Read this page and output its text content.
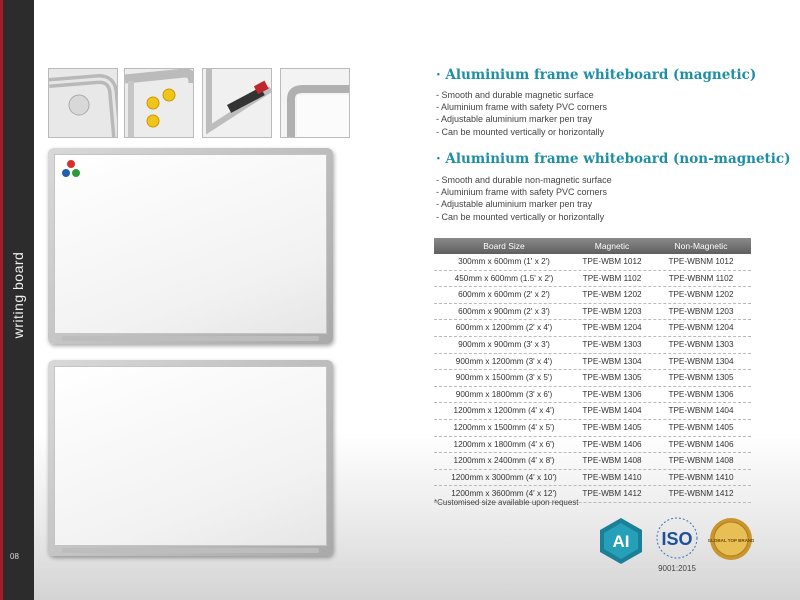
writing board
08
· Aluminium frame whiteboard (magnetic)
- Smooth and durable magnetic surface
- Aluminium frame with safety PVC corners
- Adjustable aluminium marker pen tray
- Can be mounted vertically or horizontally
· Aluminium frame whiteboard (non-magnetic)
- Smooth and durable non-magnetic surface
- Aluminium frame with safety PVC corners
- Adjustable aluminium marker pen tray
- Can be mounted vertically or horizontally
Board Size	Magnetic	Non-Magnetic
300mm x 600mm (1' x 2')	TPE-WBM 1012	TPE-WBNM 1012
450mm x 600mm (1.5' x 2')	TPE-WBM 1102	TPE-WBNM 1102
600mm x 600mm (2' x 2')	TPE-WBM 1202	TPE-WBNM 1202
600mm x 900mm (2' x 3')	TPE-WBM 1203	TPE-WBNM 1203
600mm x 1200mm (2' x 4')	TPE-WBM 1204	TPE-WBNM 1204
900mm x 900mm (3' x 3')	TPE-WBM 1303	TPE-WBNM 1303
900mm x 1200mm (3' x 4')	TPE-WBM 1304	TPE-WBNM 1304
900mm x 1500mm (3' x 5')	TPE-WBM 1305	TPE-WBNM 1305
900mm x 1800mm (3' x 6')	TPE-WBM 1306	TPE-WBNM 1306
1200mm x 1200mm (4' x 4')	TPE-WBM 1404	TPE-WBNM 1404
1200mm x 1500mm (4' x 5')	TPE-WBM 1405	TPE-WBNM 1405
1200mm x 1800mm (4' x 6')	TPE-WBM 1406	TPE-WBNM 1406
1200mm x 2400mm (4' x 8')	TPE-WBM 1408	TPE-WBNM 1408
1200mm x 3000mm (4' x 10')	TPE-WBM 1410	TPE-WBNM 1410
1200mm x 3600mm (4' x 12')	TPE-WBM 1412	TPE-WBNM 1412
*Customised size available upon request
AI ISO
9001:2015
GLOBAL TOP BRAND
